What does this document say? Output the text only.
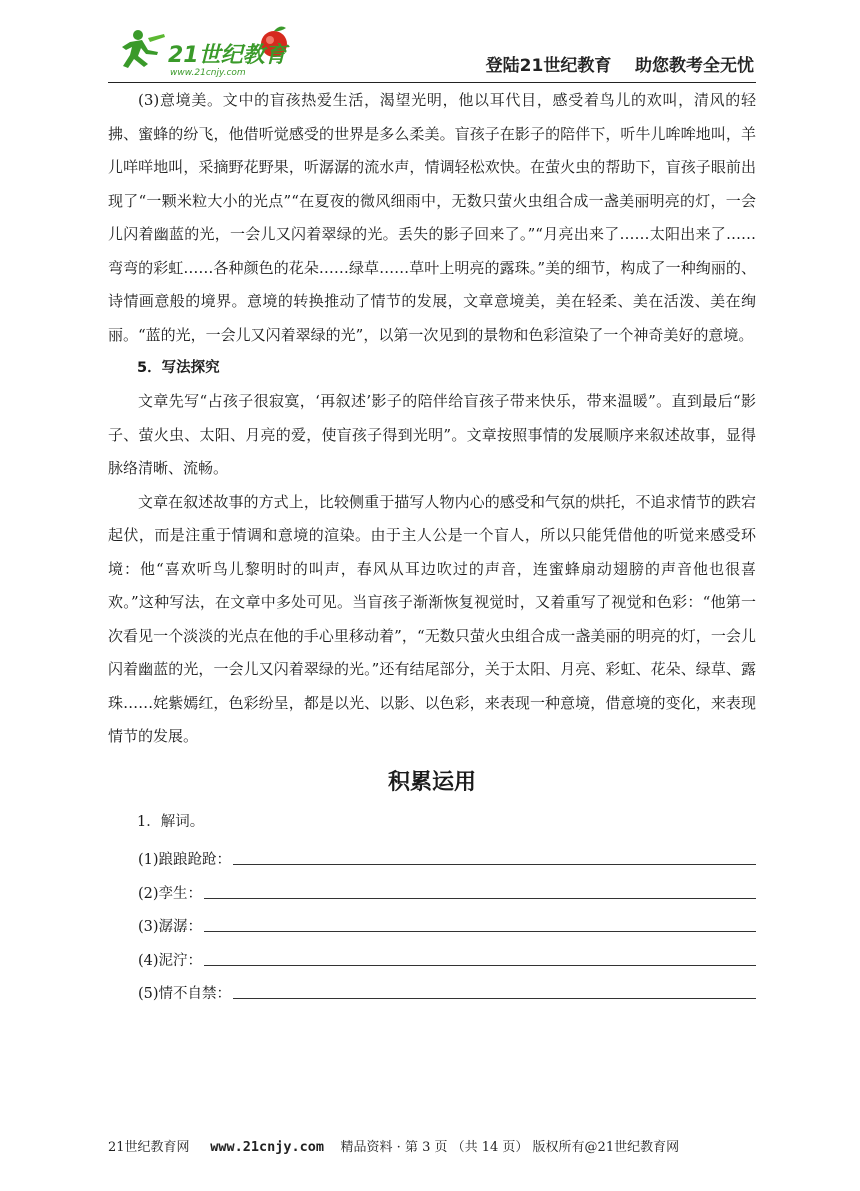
21世纪教育
www.21cnjy.com	登陆21世纪教育    助您教考全无忧

(3)意境美。文中的盲孩热爱生活，渴望光明，他以耳代目，感受着鸟儿的欢叫，清风的轻拂、蜜蜂的纷飞，他借听觉感受的世界是多么柔美。盲孩子在影子的陪伴下，听牛儿哞哞地叫，羊儿咩咩地叫，采摘野花野果，听潺潺的流水声，情调轻松欢快。在萤火虫的帮助下，盲孩子眼前出现了“一颗米粒大小的光点”“在夏夜的微风细雨中，无数只萤火虫组合成一盏美丽明亮的灯，一会儿闪着幽蓝的光，一会儿又闪着翠绿的光。丢失的影子回来了。”“月亮出来了……太阳出来了……弯弯的彩虹……各种颜色的花朵……绿草……草叶上明亮的露珠。”美的细节，构成了一种绚丽的、诗情画意般的境界。意境的转换推动了情节的发展，文章意境美，美在轻柔、美在活泼、美在绚丽。“蓝的光，一会儿又闪着翠绿的光”，以第一次见到的景物和色彩渲染了一个神奇美好的意境。

5．写法探究

文章先写“占孩子很寂寞，‘再叙述’影子的陪伴给盲孩子带来快乐，带来温暖”。直到最后“影子、萤火虫、太阳、月亮的爱，使盲孩子得到光明”。文章按照事情的发展顺序来叙述故事，显得脉络清晰、流畅。

文章在叙述故事的方式上，比较侧重于描写人物内心的感受和气氛的烘托，不追求情节的跌宕起伏，而是注重于情调和意境的渲染。由于主人公是一个盲人，所以只能凭借他的听觉来感受环境：他“喜欢听鸟儿黎明时的叫声，春风从耳边吹过的声音，连蜜蜂扇动翅膀的声音他也很喜欢。”这种写法，在文章中多处可见。当盲孩子渐渐恢复视觉时，又着重写了视觉和色彩：“他第一次看见一个淡淡的光点在他的手心里移动着”，“无数只萤火虫组合成一盏美丽的明亮的灯，一会儿闪着幽蓝的光，一会儿又闪着翠绿的光。”还有结尾部分，关于太阳、月亮、彩虹、花朵、绿草、露珠……姹紫嫣红，色彩纷呈，都是以光、以影、以色彩，来表现一种意境，借意境的变化，来表现情节的发展。

积累运用

1．解词。

(1)踉踉跄跄：
(2)孪生：
(3)潺潺：
(4)泥泞：
(5)情不自禁：
21世纪教育网 www.21cnjy.com 精品资料 · 第 3 页 （共 14 页） 版权所有@21世纪教育网
